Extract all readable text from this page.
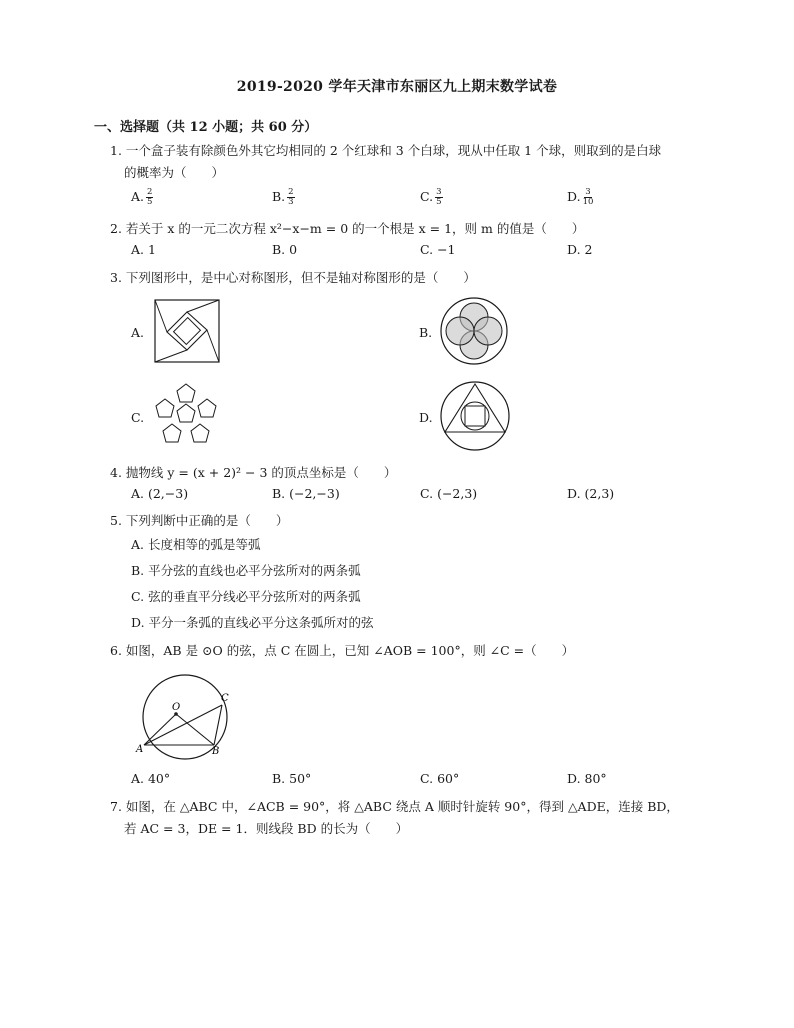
2019-2020 学年天津市东丽区九上期末数学试卷
一、选择题（共 12 小题；共 60 分）
1. 一个盒子装有除颜色外其它均相同的 2 个红球和 3 个白球，现从中任取 1 个球，则取到的是白球
的概率为（　　）
A. $\frac{2}{5}$	B. $\frac{2}{3}$	C. $\frac{3}{5}$	D. $\frac{3}{10}$
2. 若关于 x 的一元二次方程 x²−x−m = 0 的一个根是 x = 1，则 m 的值是（　　）
A. 1	B. 0	C. −1	D. 2
3. 下列图形中，是中心对称图形，但不是轴对称图形的是（　　）
A.	B.
C.	D.
4. 抛物线 y = (x + 2)² − 3 的顶点坐标是（　　）
A. (2,−3)	B. (−2,−3)	C. (−2,3)	D. (2,3)
5. 下列判断中正确的是（　　）
A. 长度相等的弧是等弧
B. 平分弦的直线也必平分弦所对的两条弧
C. 弦的垂直平分线必平分弦所对的两条弧
D. 平分一条弧的直线必平分这条弧所对的弦
6. 如图，AB 是 ⊙O 的弦，点 C 在圆上，已知 ∠AOB = 100°，则 ∠C =（　　）
O
A	B
C
A. 40°	B. 50°	C. 60°	D. 80°
7. 如图，在 △ABC 中，∠ACB = 90°，将 △ABC 绕点 A 顺时针旋转 90°，得到 △ADE，连接 BD，
若 AC = 3，DE = 1．则线段 BD 的长为（　　）
